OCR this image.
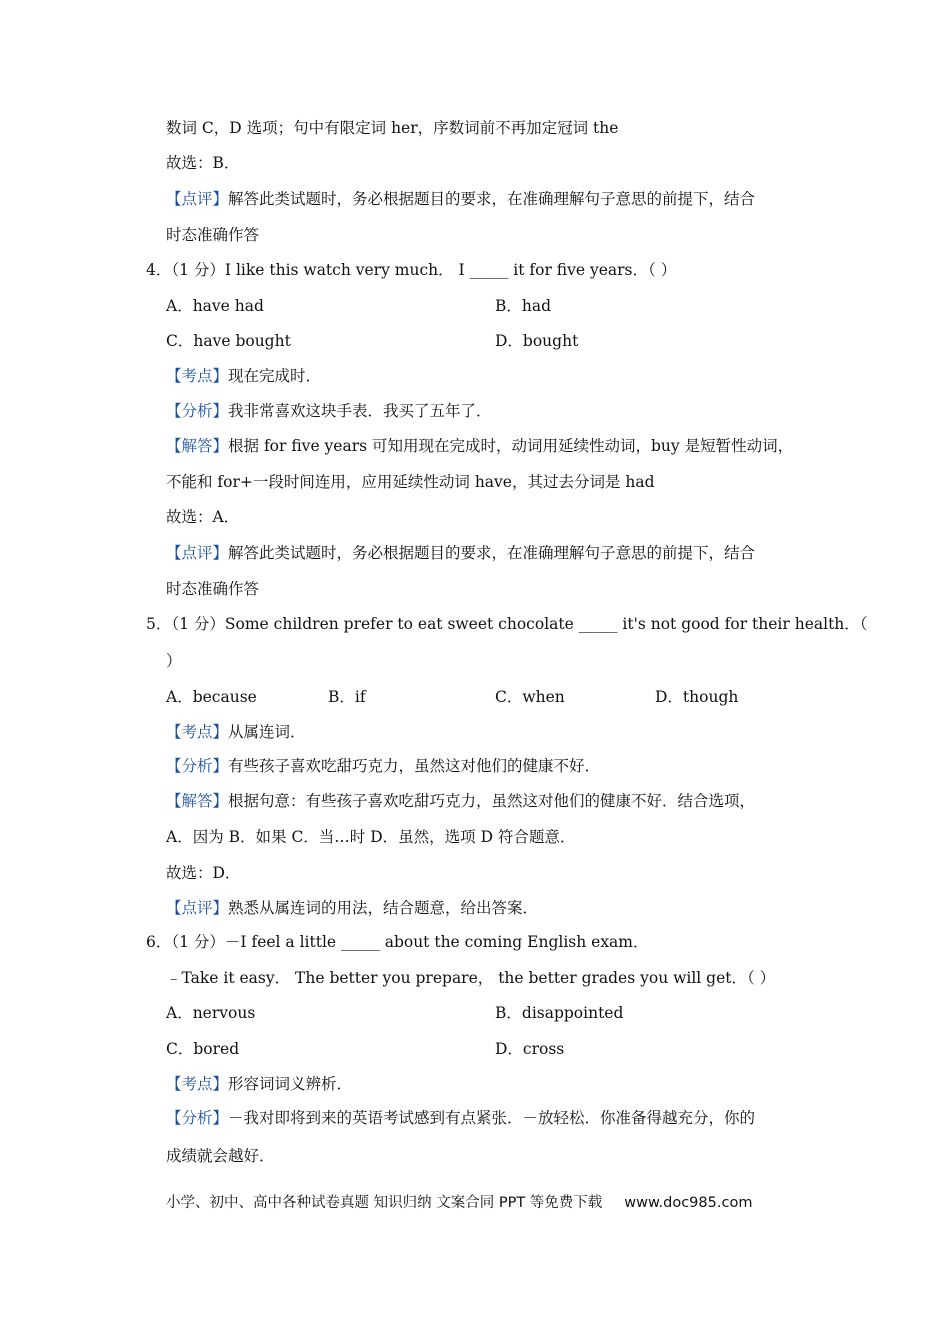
数词 C，D 选项；句中有限定词 her，序数词前不再加定冠词 the
故选：B．
【点评】解答此类试题时，务必根据题目的要求，在准确理解句子意思的前提下，结合
时态准确作答
4．（1 分）I like this watch very much． I _____ it for five years．（ ）
A．have had	B．had
C．have bought	D．bought
【考点】现在完成时．
【分析】我非常喜欢这块手表．我买了五年了．
【解答】根据 for five years 可知用现在完成时，动词用延续性动词，buy 是短暂性动词，
不能和 for+一段时间连用，应用延续性动词 have，其过去分词是 had
故选：A．
【点评】解答此类试题时，务必根据题目的要求，在准确理解句子意思的前提下，结合
时态准确作答
5．（1 分）Some children prefer to eat sweet chocolate _____ it's not good for their health．（
）
A．because	B．if	C．when	D．though
【考点】从属连词．
【分析】有些孩子喜欢吃甜巧克力，虽然这对他们的健康不好．
【解答】根据句意：有些孩子喜欢吃甜巧克力，虽然这对他们的健康不好．结合选项，
A．因为 B．如果 C．当…时 D．虽然，选项 D 符合题意．
故选：D．
【点评】熟悉从属连词的用法，结合题意，给出答案．
6．（1 分）－I feel a little _____ about the coming English exam．
﹣Take it easy． The better you prepare， the better grades you will get．（ ）
A．nervous	B．disappointed
C．bored	D．cross
【考点】形容词词义辨析．
【分析】－我对即将到来的英语考试感到有点紧张．－放轻松．你准备得越充分，你的
成绩就会越好．
小学、初中、高中各种试卷真题 知识归纳 文案合同 PPT 等免费下载 www.doc985.com
